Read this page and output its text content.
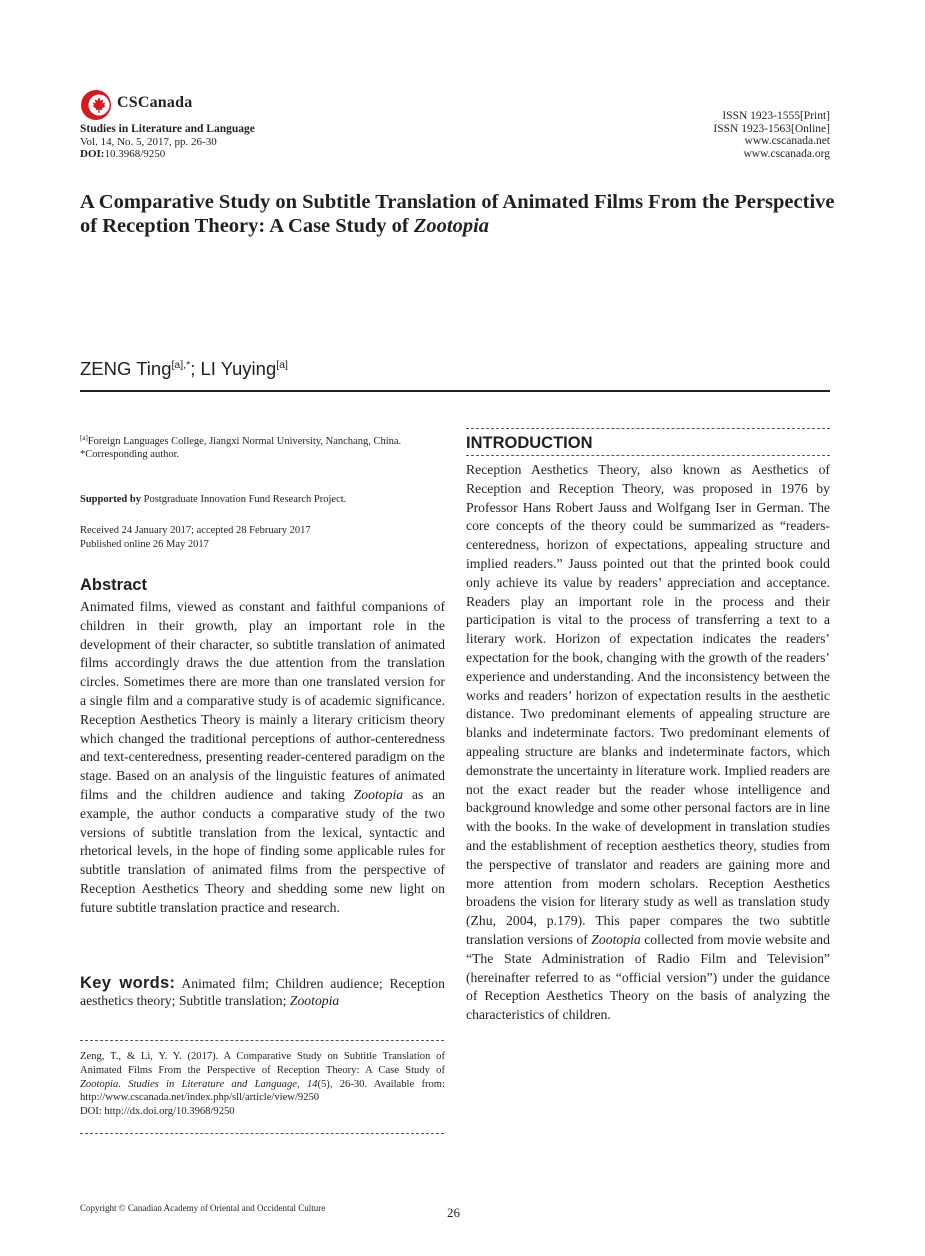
CSCanada
Studies in Literature and Language
Vol. 14, No. 5, 2017, pp. 26-30
DOI:10.3968/9250
ISSN 1923-1555[Print]
ISSN 1923-1563[Online]
www.cscanada.net
www.cscanada.org
A Comparative Study on Subtitle Translation of Animated Films From the Perspective of Reception Theory: A Case Study of Zootopia
ZENG Ting$^{[a],*}$; LI Yuying[a]
[a]Foreign Languages College, Jiangxi Normal University, Nanchang, China.
*Corresponding author.
Supported by Postgraduate Innovation Fund Research Project.
Received 24 January 2017; accepted 28 February 2017
Published online 26 May 2017
Abstract
Animated films, viewed as constant and faithful companions of children in their growth, play an important role in the development of their character, so subtitle translation of animated films accordingly draws the due attention from the translation circles. Sometimes there are more than one translated version for a single film and a comparative study is of academic significance. Reception Aesthetics Theory is mainly a literary criticism theory which changed the traditional perceptions of author-centeredness and text-centeredness, presenting reader-centered paradigm on the stage. Based on an analysis of the linguistic features of animated films and the children audience and taking Zootopia as an example, the author conducts a comparative study of the two versions of subtitle translation from the lexical, syntactic and rhetorical levels, in the hope of finding some applicable rules for subtitle translation of animated films from the perspective of Reception Aesthetics Theory and shedding some new light on future subtitle translation practice and research.
Key words: Animated film; Children audience; Reception aesthetics theory; Subtitle translation; Zootopia
Zeng, T., & Li, Y. Y. (2017). A Comparative Study on Subtitle Translation of Animated Films From the Perspective of Reception Theory: A Case Study of Zootopia. Studies in Literature and Language, 14(5), 26-30. Available from: http://www.cscanada.net/index.php/sll/article/view/9250
DOI: http://dx.doi.org/10.3968/9250
INTRODUCTION
Reception Aesthetics Theory, also known as Aesthetics of Reception and Reception Theory, was proposed in 1976 by Professor Hans Robert Jauss and Wolfgang Iser in German. The core concepts of the theory could be summarized as “readers-centeredness, horizon of expectations, appealing structure and implied readers.” Jauss pointed out that the printed book could only achieve its value by readers’ appreciation and acceptance. Readers play an important role in the process and their participation is vital to the process of transferring a text to a literary work. Horizon of expectation indicates the readers’ expectation for the book, changing with the growth of the readers’ experience and understanding. And the inconsistency between the works and readers’ horizon of expectation results in the aesthetic distance. Two predominant elements of appealing structure are blanks and indeterminate factors. Two predominant elements of appealing structure are blanks and indeterminate factors, which demonstrate the uncertainty in literature work. Implied readers are not the exact reader but the reader whose intelligence and background knowledge and some other personal factors are in line with the books. In the wake of development in translation studies and the establishment of reception aesthetics theory, studies from the perspective of translator and readers are gaining more and more attention from modern scholars. Reception Aesthetics broadens the vision for literary study as well as translation study (Zhu, 2004, p.179). This paper compares the two subtitle translation versions of Zootopia collected from movie website and “The State Administration of Radio Film and Television” (hereinafter referred to as “official version”) under the guidance of Reception Aesthetics Theory on the basis of analyzing the characteristics of children.
Copyright © Canadian Academy of Oriental and Occidental Culture	26
